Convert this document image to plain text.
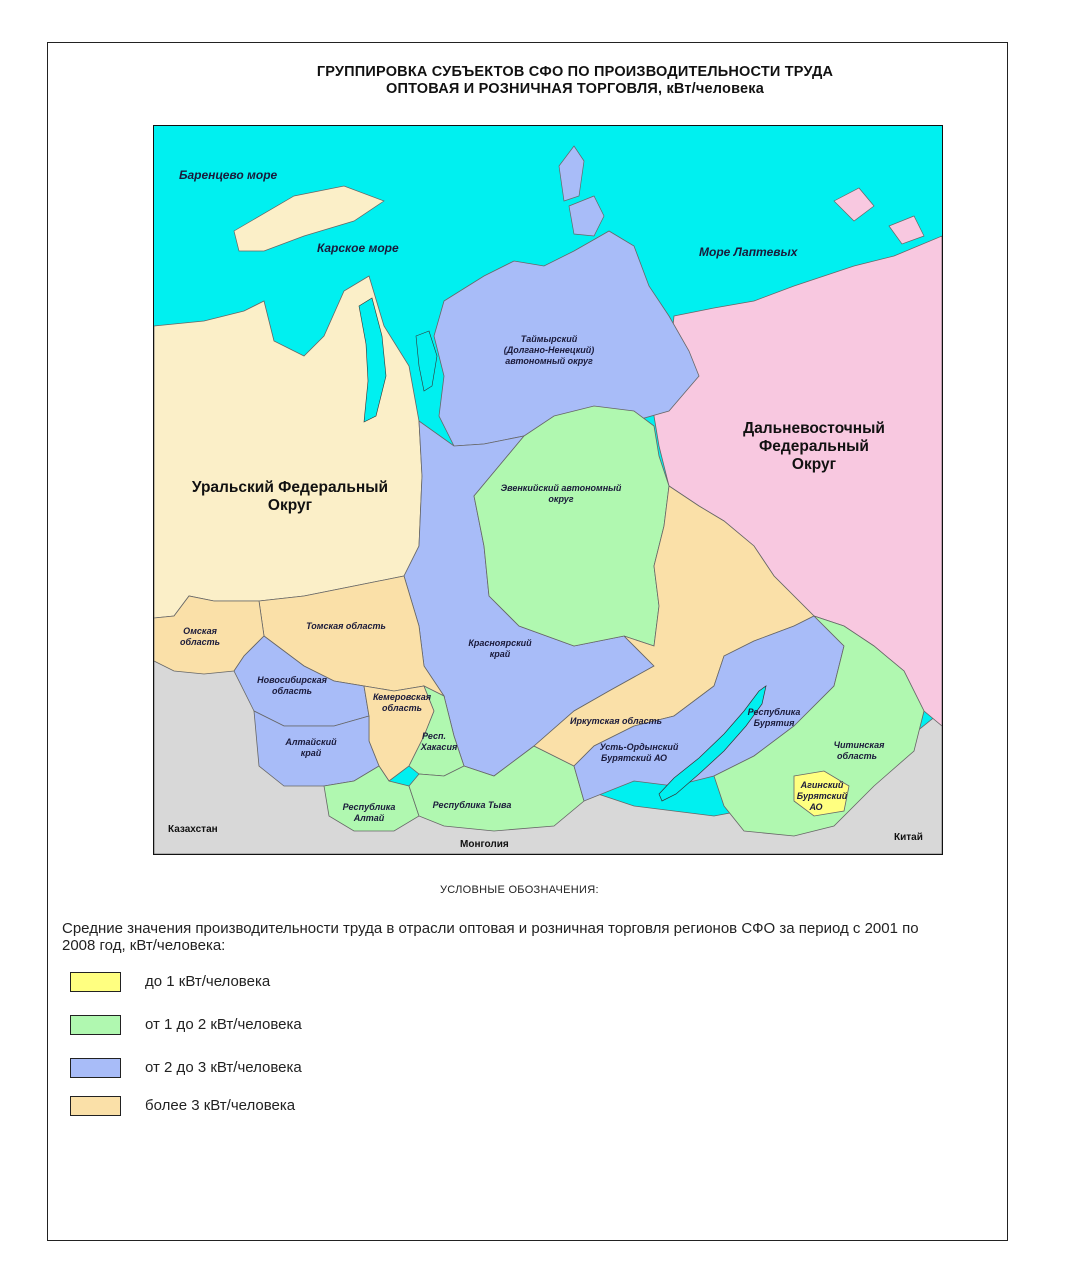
ГРУППИРОВКА СУБЪЕКТОВ СФО ПО ПРОИЗВОДИТЕЛЬНОСТИ ТРУДА
ОПТОВАЯ И РОЗНИЧНАЯ ТОРГОВЛЯ, кВт/человека
Баренцево море
Карское море	Море Лаптевых
Уральский Федеральный
Округ
Дальневосточный
Федеральный
Округ
Казахстан
Монголия
Китай
Таймырский
(Долгано-Ненецкий)
автономный округ
Эвенкийский автономный
округ
Красноярский
край
Томская область
Омская
область
Новосибирская
область
Кемеровская
область
Алтайский
край
Респ.
Хакасия
Республика
Алтай
Республика Тыва
Иркутская область
Усть-Ордынский
Бурятский АО
Республика
Бурятия
Читинская
область
Агинский
Бурятский
АО
УСЛОВНЫЕ ОБОЗНАЧЕНИЯ:
Средние значения производительности труда в отрасли оптовая и розничная торговля регионов СФО за период с 2001 по 2008 год, кВт/человека:
до 1 кВт/человека
от 1 до 2 кВт/человека
от 2 до 3 кВт/человека
более 3 кВт/человека
